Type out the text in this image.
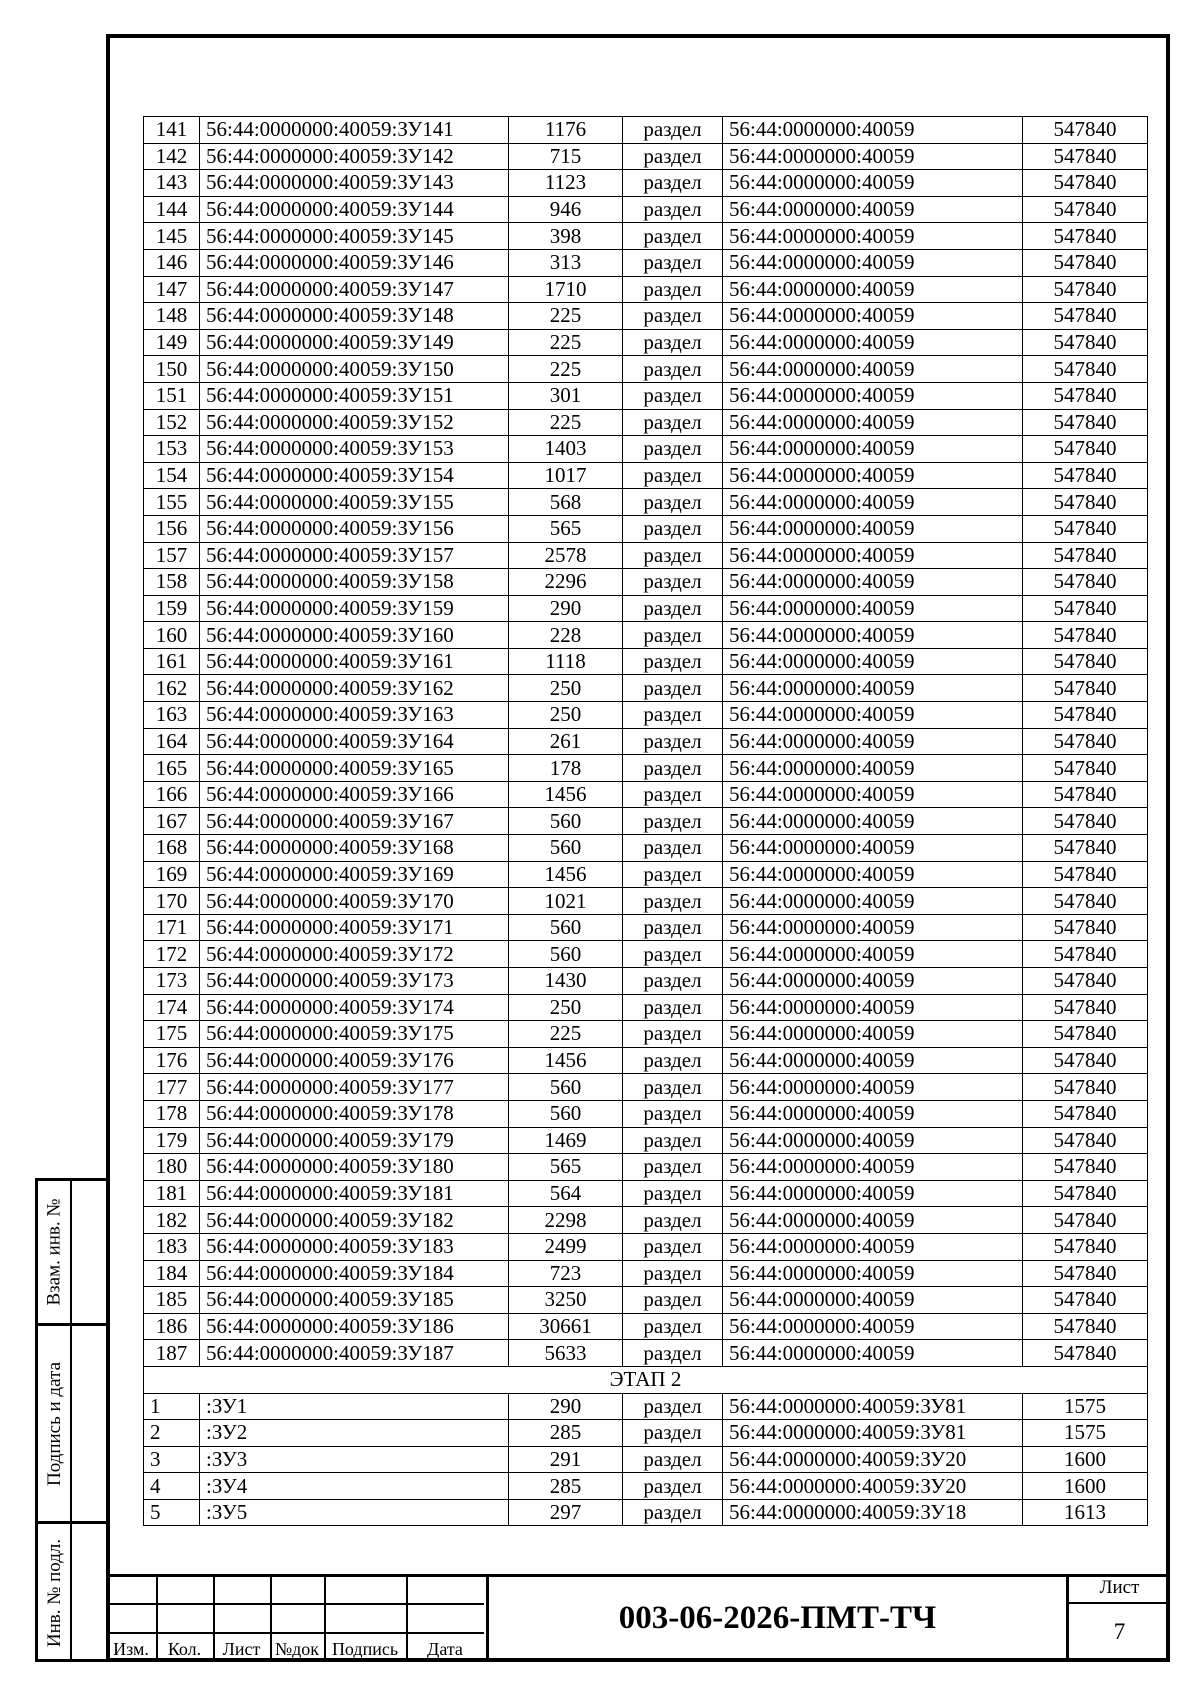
Взам. инв. №
Подпись и дата
Инв. № подл.
141	56:44:0000000:40059:ЗУ141	1176	раздел	56:44:0000000:40059	547840
142	56:44:0000000:40059:ЗУ142	715	раздел	56:44:0000000:40059	547840
143	56:44:0000000:40059:ЗУ143	1123	раздел	56:44:0000000:40059	547840
144	56:44:0000000:40059:ЗУ144	946	раздел	56:44:0000000:40059	547840
145	56:44:0000000:40059:ЗУ145	398	раздел	56:44:0000000:40059	547840
146	56:44:0000000:40059:ЗУ146	313	раздел	56:44:0000000:40059	547840
147	56:44:0000000:40059:ЗУ147	1710	раздел	56:44:0000000:40059	547840
148	56:44:0000000:40059:ЗУ148	225	раздел	56:44:0000000:40059	547840
149	56:44:0000000:40059:ЗУ149	225	раздел	56:44:0000000:40059	547840
150	56:44:0000000:40059:ЗУ150	225	раздел	56:44:0000000:40059	547840
151	56:44:0000000:40059:ЗУ151	301	раздел	56:44:0000000:40059	547840
152	56:44:0000000:40059:ЗУ152	225	раздел	56:44:0000000:40059	547840
153	56:44:0000000:40059:ЗУ153	1403	раздел	56:44:0000000:40059	547840
154	56:44:0000000:40059:ЗУ154	1017	раздел	56:44:0000000:40059	547840
155	56:44:0000000:40059:ЗУ155	568	раздел	56:44:0000000:40059	547840
156	56:44:0000000:40059:ЗУ156	565	раздел	56:44:0000000:40059	547840
157	56:44:0000000:40059:ЗУ157	2578	раздел	56:44:0000000:40059	547840
158	56:44:0000000:40059:ЗУ158	2296	раздел	56:44:0000000:40059	547840
159	56:44:0000000:40059:ЗУ159	290	раздел	56:44:0000000:40059	547840
160	56:44:0000000:40059:ЗУ160	228	раздел	56:44:0000000:40059	547840
161	56:44:0000000:40059:ЗУ161	1118	раздел	56:44:0000000:40059	547840
162	56:44:0000000:40059:ЗУ162	250	раздел	56:44:0000000:40059	547840
163	56:44:0000000:40059:ЗУ163	250	раздел	56:44:0000000:40059	547840
164	56:44:0000000:40059:ЗУ164	261	раздел	56:44:0000000:40059	547840
165	56:44:0000000:40059:ЗУ165	178	раздел	56:44:0000000:40059	547840
166	56:44:0000000:40059:ЗУ166	1456	раздел	56:44:0000000:40059	547840
167	56:44:0000000:40059:ЗУ167	560	раздел	56:44:0000000:40059	547840
168	56:44:0000000:40059:ЗУ168	560	раздел	56:44:0000000:40059	547840
169	56:44:0000000:40059:ЗУ169	1456	раздел	56:44:0000000:40059	547840
170	56:44:0000000:40059:ЗУ170	1021	раздел	56:44:0000000:40059	547840
171	56:44:0000000:40059:ЗУ171	560	раздел	56:44:0000000:40059	547840
172	56:44:0000000:40059:ЗУ172	560	раздел	56:44:0000000:40059	547840
173	56:44:0000000:40059:ЗУ173	1430	раздел	56:44:0000000:40059	547840
174	56:44:0000000:40059:ЗУ174	250	раздел	56:44:0000000:40059	547840
175	56:44:0000000:40059:ЗУ175	225	раздел	56:44:0000000:40059	547840
176	56:44:0000000:40059:ЗУ176	1456	раздел	56:44:0000000:40059	547840
177	56:44:0000000:40059:ЗУ177	560	раздел	56:44:0000000:40059	547840
178	56:44:0000000:40059:ЗУ178	560	раздел	56:44:0000000:40059	547840
179	56:44:0000000:40059:ЗУ179	1469	раздел	56:44:0000000:40059	547840
180	56:44:0000000:40059:ЗУ180	565	раздел	56:44:0000000:40059	547840
181	56:44:0000000:40059:ЗУ181	564	раздел	56:44:0000000:40059	547840
182	56:44:0000000:40059:ЗУ182	2298	раздел	56:44:0000000:40059	547840
183	56:44:0000000:40059:ЗУ183	2499	раздел	56:44:0000000:40059	547840
184	56:44:0000000:40059:ЗУ184	723	раздел	56:44:0000000:40059	547840
185	56:44:0000000:40059:ЗУ185	3250	раздел	56:44:0000000:40059	547840
186	56:44:0000000:40059:ЗУ186	30661	раздел	56:44:0000000:40059	547840
187	56:44:0000000:40059:ЗУ187	5633	раздел	56:44:0000000:40059	547840
ЭТАП 2					
1	:ЗУ1	290	раздел	56:44:0000000:40059:ЗУ81	1575
2	:ЗУ2	285	раздел	56:44:0000000:40059:ЗУ81	1575
3	:ЗУ3	291	раздел	56:44:0000000:40059:ЗУ20	1600
4	:ЗУ4	285	раздел	56:44:0000000:40059:ЗУ20	1600
5	:ЗУ5	297	раздел	56:44:0000000:40059:ЗУ18	1613
Изм.	Кол.	Лист №док Подпись	Дата
003-06-2026-ПМТ-ТЧ
Лист
7
